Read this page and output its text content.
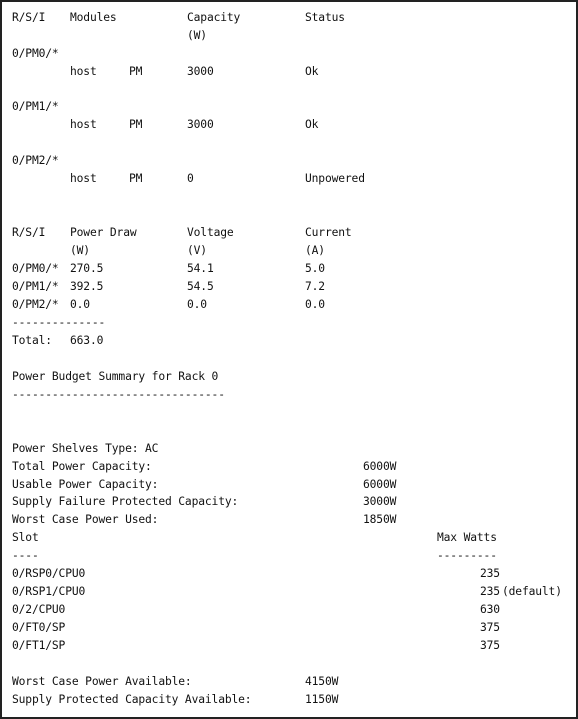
R/S/I Modules	Capacity	Status
(W)
0/PM0/*
host	PM	3000	Ok
0/PM1/*
host	PM	3000	Ok
0/PM2/*
host	PM	0	Unpowered
R/S/I Power Draw	Voltage	Current
(W)	(V)	(A)
0/PM0/* 270.5	54.1	5.0
0/PM1/* 392.5	54.5	7.2
0/PM2/* 0.0	0.0	0.0
--------------
Total: 663.0
Power Budget Summary for Rack 0
--------------------------------
Power Shelves Type: AC
Total Power Capacity:	6000W
Usable Power Capacity:	6000W
Supply Failure Protected Capacity:	3000W
Worst Case Power Used:	1850W
Slot	Max Watts
----	---------
0/RSP0/CPU0	235
0/RSP1/CPU0	235 (default)
0/2/CPU0	630
0/FT0/SP	375
0/FT1/SP	375
Worst Case Power Available:	4150W
Supply Protected Capacity Available:	1150W
